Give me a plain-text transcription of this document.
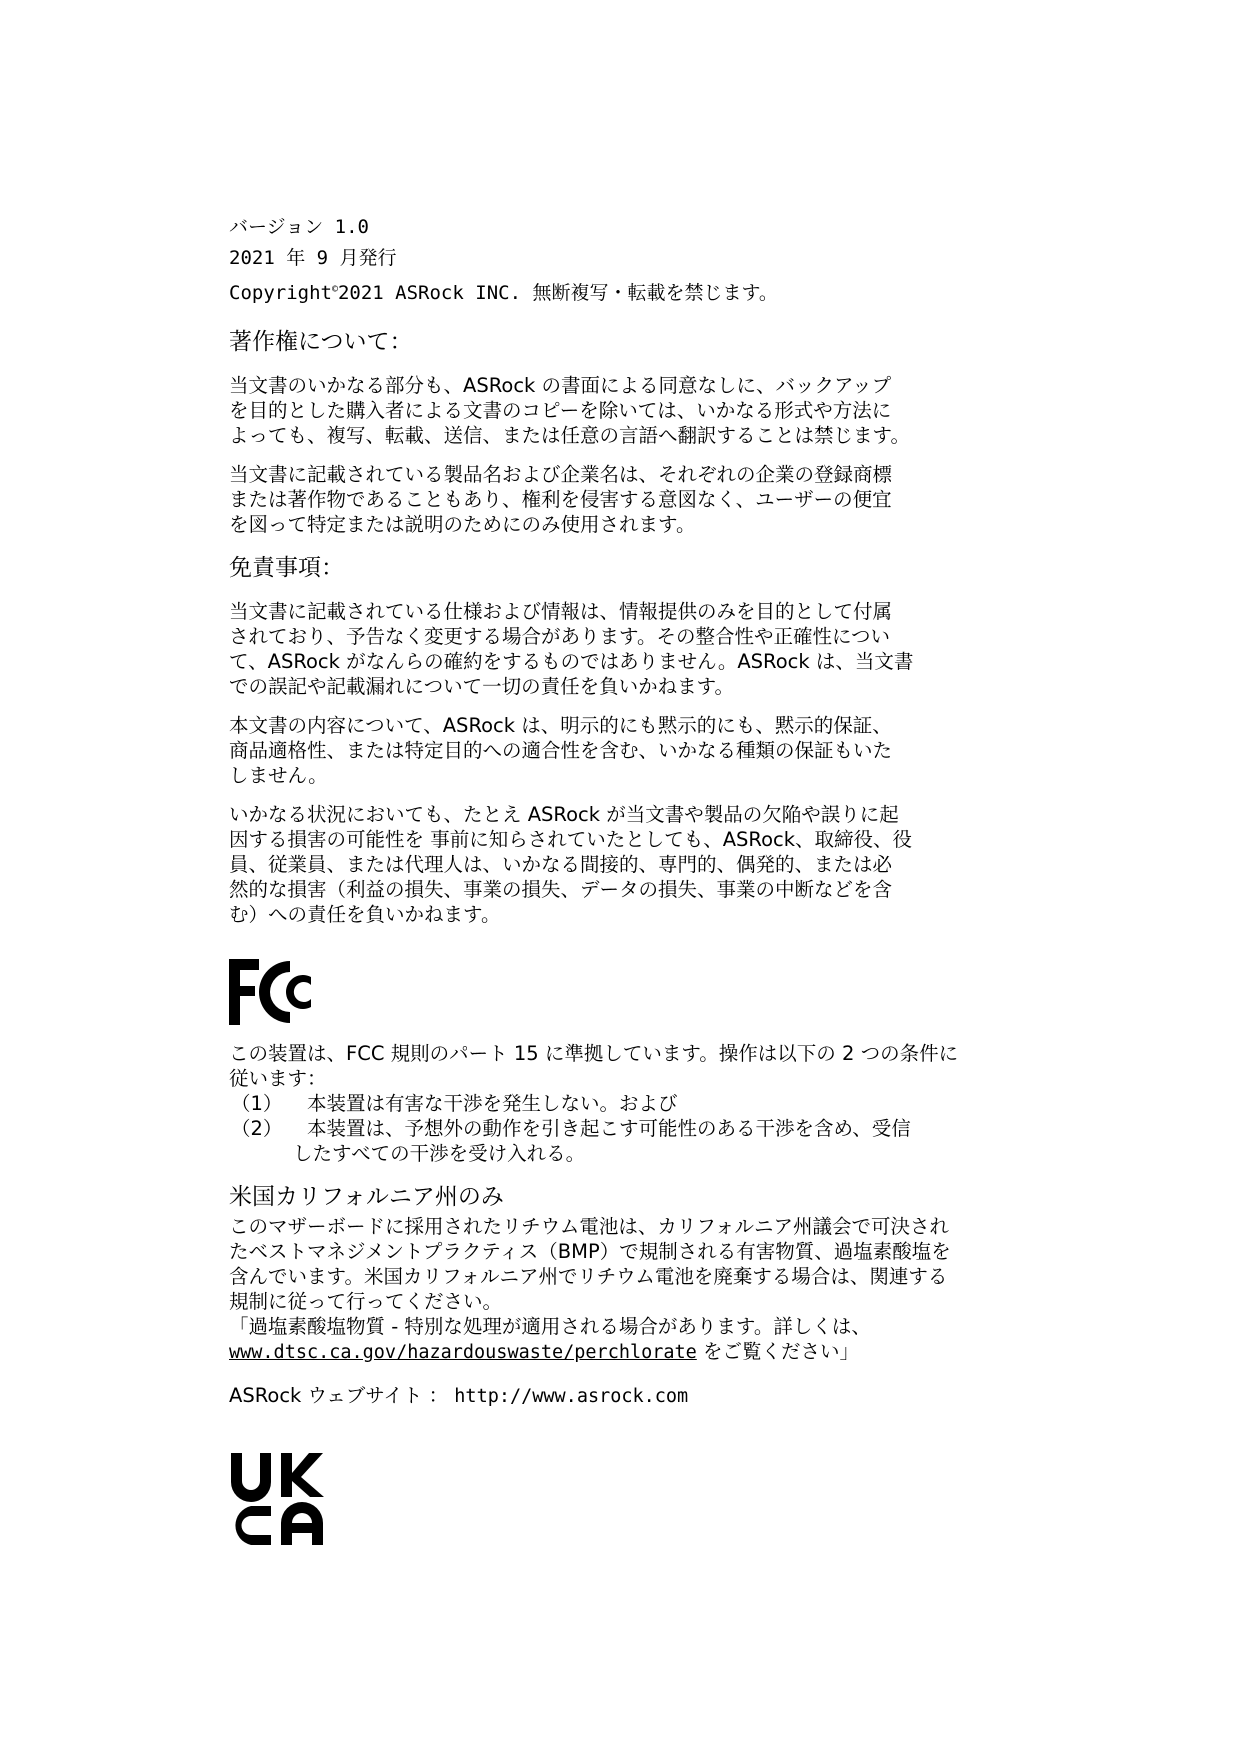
バージョン 1.0
2021 年 9 月発行
Copyright©2021 ASRock INC. 無断複写・転載を禁じます。
著作権について：

当文書のいかなる部分も、ASRock の書面による同意なしに、バックアップ
を目的とした購入者による文書のコピーを除いては、いかなる形式や方法に
よっても、複写、転載、送信、または任意の言語へ翻訳することは禁じます。

当文書に記載されている製品名および企業名は、それぞれの企業の登録商標
または著作物であることもあり、権利を侵害する意図なく、ユーザーの便宜
を図って特定または説明のためにのみ使用されます。

免責事項：

当文書に記載されている仕様および情報は、情報提供のみを目的として付属
されており、予告なく変更する場合があります。その整合性や正確性につい
て、ASRock がなんらの確約をするものではありません。ASRock は、当文書
での誤記や記載漏れについて一切の責任を負いかねます。

本文書の内容について、ASRock は、明示的にも黙示的にも、黙示的保証、
商品適格性、または特定目的への適合性を含む、いかなる種類の保証もいた
しません。

いかなる状況においても、たとえ ASRock が当文書や製品の欠陥や誤りに起
因する損害の可能性を 事前に知らされていたとしても、ASRock、取締役、役
員、従業員、または代理人は、いかなる間接的、専門的、偶発的、または必
然的な損害（利益の損失、事業の損失、データの損失、事業の中断などを含
む）への責任を負いかねます。

この装置は、FCC 規則のパート 15 に準拠しています。操作は以下の 2 つの条件に
従います：

（1）	本装置は有害な干渉を発生しない。および
（2）	本装置は、予想外の動作を引き起こす可能性のある干渉を含め、受信
したすべての干渉を受け入れる。
米国カリフォルニア州のみ

このマザーボードに採用されたリチウム電池は、カリフォルニア州議会で可決され
たベストマネジメントプラクティス（BMP）で規制される有害物質、過塩素酸塩を
含んでいます。米国カリフォルニア州でリチウム電池を廃棄する場合は、関連する
規制に従って行ってください。
「過塩素酸塩物質 - 特別な処理が適用される場合があります。詳しくは、
www.dtsc.ca.gov/hazardouswaste/perchlorate をご覧ください」

ASRock ウェブサイト ： http://www.asrock.com
